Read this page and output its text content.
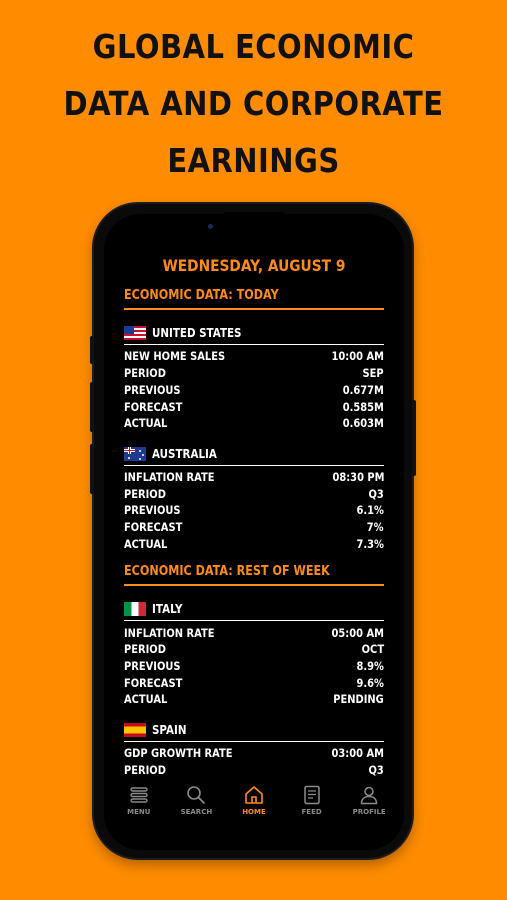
GLOBAL ECONOMIC
DATA AND CORPORATE
EARNINGS
WEDNESDAY, AUGUST 9
ECONOMIC DATA: TODAY
UNITED STATES
NEW HOME SALES	10:00 AM
PERIOD	SEP
PREVIOUS	0.677M
FORECAST	0.585M
ACTUAL	0.603M
AUSTRALIA
INFLATION RATE	08:30 PM
PERIOD	Q3
PREVIOUS	6.1%
FORECAST	7%
ACTUAL	7.3%
ECONOMIC DATA: REST OF WEEK
ITALY
INFLATION RATE	05:00 AM
PERIOD	OCT
PREVIOUS	8.9%
FORECAST	9.6%
ACTUAL	PENDING
SPAIN
GDP GROWTH RATE	03:00 AM
PERIOD	Q3
MENU	SEARCH	HOME	FEED	PROFILE
